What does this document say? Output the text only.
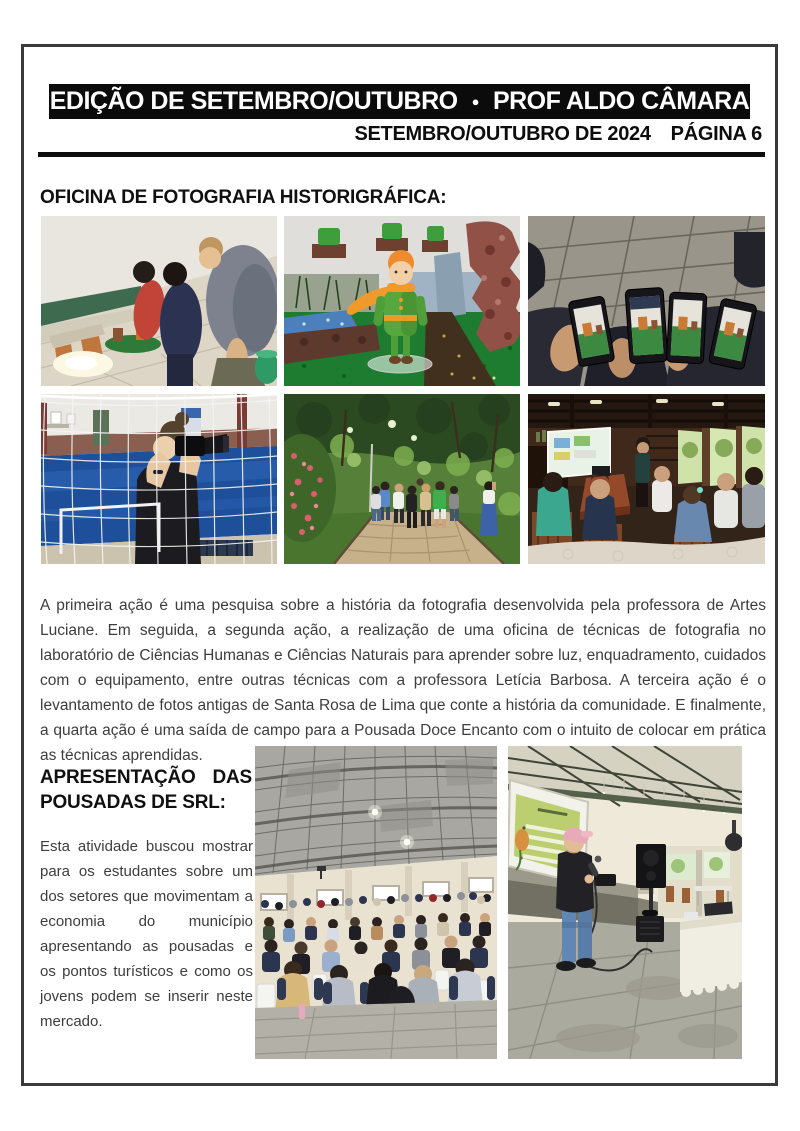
EDIÇÃO DE SETEMBRO/OUTUBRO ● PROF ALDO CÂMARA
SETEMBRO/OUTUBRO DE 2024 PÁGINA 6
OFICINA DE FOTOGRAFIA HISTORIGRÁFICA:

A primeira ação é uma pesquisa sobre a história da fotografia desenvolvida pela professora de Artes Luciane. Em seguida, a segunda ação, a realização de uma oficina de técnicas de fotografia no laboratório de Ciências Humanas e Ciências Naturais para aprender sobre luz, enquadramento, cuidados com o equipamento, entre outras técnicas com a professora Letícia Barbosa. A terceira ação é o levantamento de fotos antigas de Santa Rosa de Lima que conte a história da comunidade. E finalmente, a quarta ação é uma saída de campo para a Pousada Doce Encanto com o intuito de colocar em prática as técnicas aprendidas.

APRESENTAÇÃO DAS
POUSADAS DE SRL:

Esta atividade buscou mostrar para os estudantes sobre um dos setores que movimentam a economia do município apresentando as pousadas e os pontos turísticos e como os jovens podem se inserir neste mercado.
